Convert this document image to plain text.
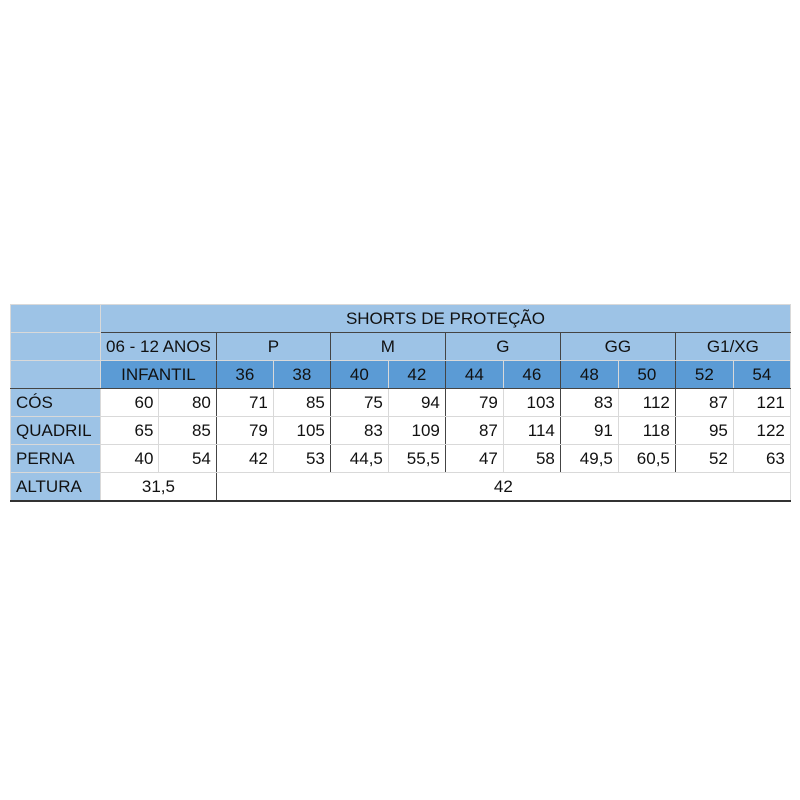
	SHORTS DE PROTEÇÃO											
	06 - 12 ANOS		P		M		G		GG		G1/XG	
	INFANTIL		36	38	40	42	44	46	48	50	52	54
CÓS	60	80	71	85	75	94	79	103	83	112	87	121
QUADRIL	65	85	79	105	83	109	87	114	91	118	95	122
PERNA	40	54	42	53	44,5	55,5	47	58	49,5	60,5	52	63
ALTURA	31,5		42									
